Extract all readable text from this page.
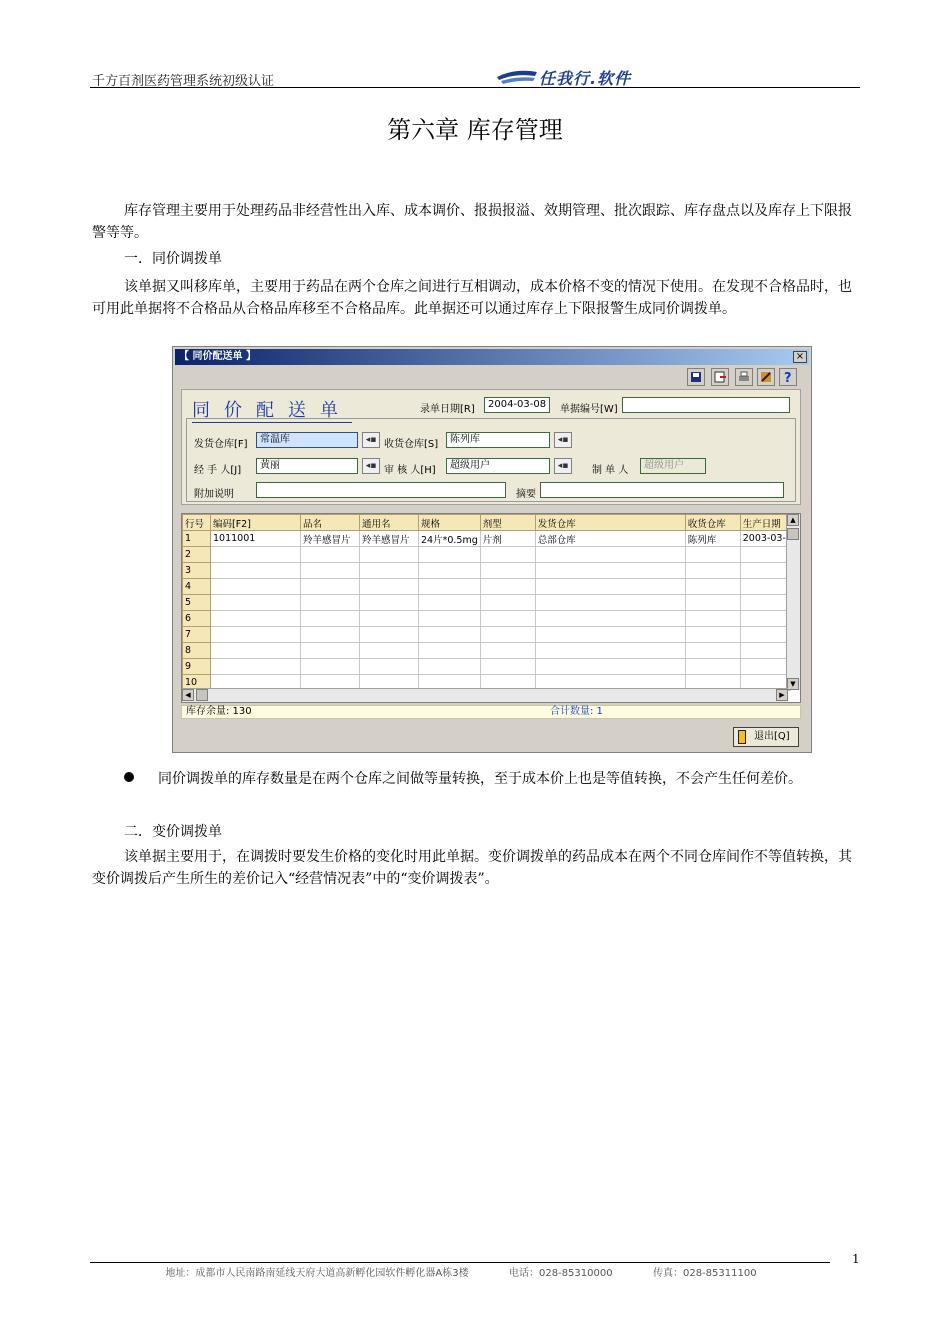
千方百剂医药管理系统初级认证	任我行.软件
第六章 库存管理
库存管理主要用于处理药品非经营性出入库、成本调价、报损报溢、效期管理、批次跟踪、库存盘点以及库存上下限报警等等。
一．同价调拨单
该单据又叫移库单，主要用于药品在两个仓库之间进行互相调动，成本价格不变的情况下使用。在发现不合格品时，也可用此单据将不合格品从合格品库移至不合格品库。此单据还可以通过库存上下限报警生成同价调拨单。
【 同价配送单 】	×
?
同价配送单	录单日期[R]	2004-03-08	单据编号[W]
发货仓库[F]	常温库	◂▪ 收货仓库[S]	陈列库	◂▪
经 手 人[J]	黄丽	◂▪ 审 核 人[H]	超级用户	◂▪	制 单 人	超级用户
附加说明	摘要
行号	编码[F2]	品名	通用名	规格	剂型	发货仓库	收货仓库	生产日期
1	1011001	羚羊感冒片	羚羊感冒片	24片*0.5mg	片剂	总部仓库	陈列库	2003-03-
2								
3								
4								
5								
6								
7								
8								
9								
10								
▲
▼
◀	▶
库存余量: 130	合计数量: 1
退出[Q]
同价调拨单的库存数量是在两个仓库之间做等量转换，至于成本价上也是等值转换，不会产生任何差价。
二．变价调拨单
该单据主要用于，在调拨时要发生价格的变化时用此单据。变价调拨单的药品成本在两个不同仓库间作不等值转换，其变价调拨后产生所生的差价记入“经营情况表”中的“变价调拨表”。
1
地址：成都市人民南路南延线天府大道高新孵化园软件孵化器A栋3楼	电话：028-85310000	传真：028-85311100
